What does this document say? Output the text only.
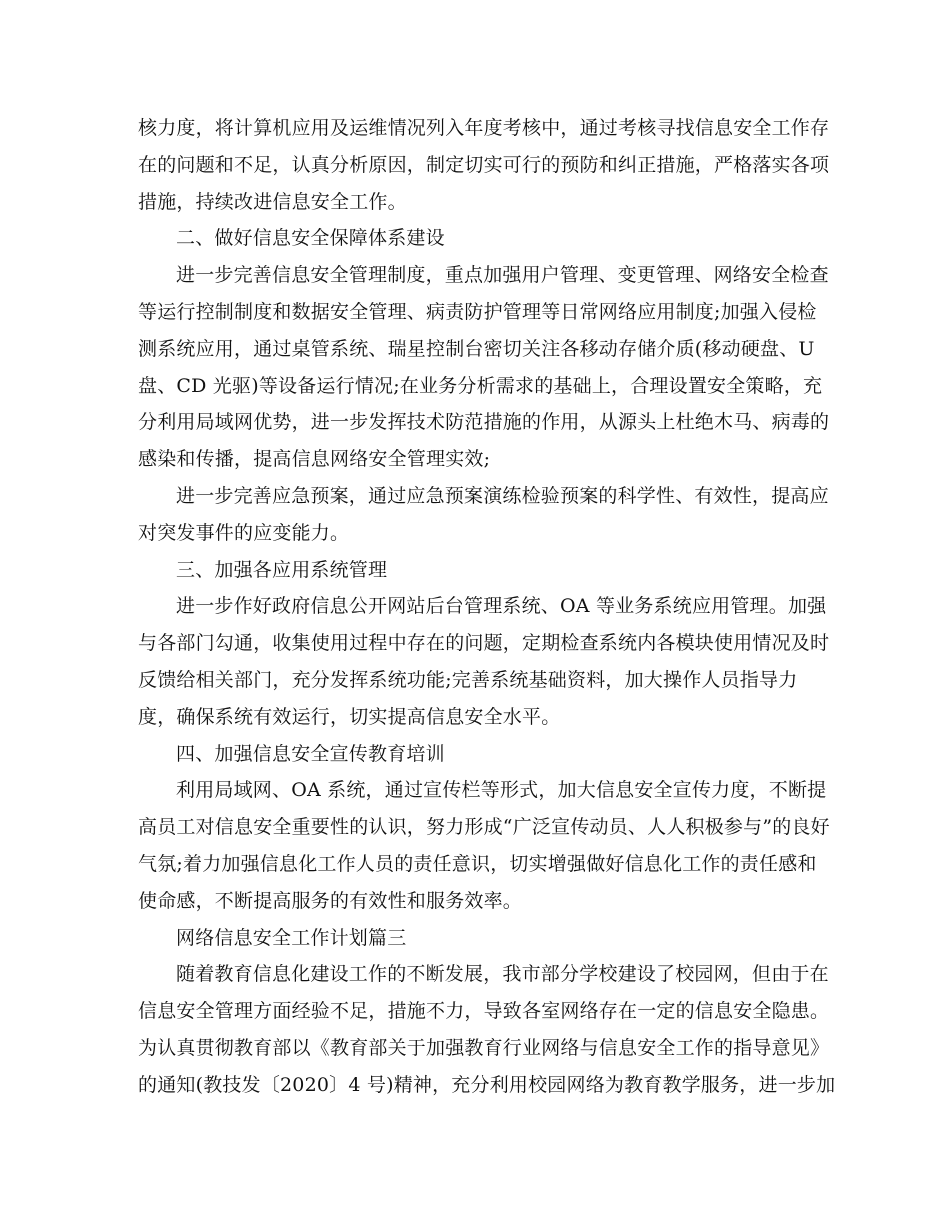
核力度，将计算机应用及运维情况列入年度考核中，通过考核寻找信息安全工作存
在的问题和不足，认真分析原因，制定切实可行的预防和纠正措施，严格落实各项
措施，持续改进信息安全工作。
二、做好信息安全保障体系建设
进一步完善信息安全管理制度，重点加强用户管理、变更管理、网络安全检查
等运行控制制度和数据安全管理、病责防护管理等日常网络应用制度;加强入侵检
测系统应用，通过桌管系统、瑞星控制台密切关注各移动存储介质(移动硬盘、U
盘、CD 光驱)等设备运行情况;在业务分析需求的基础上，合理设置安全策略，充
分利用局域网优势，进一步发挥技术防范措施的作用，从源头上杜绝木马、病毒的
感染和传播，提高信息网络安全管理实效;
进一步完善应急预案，通过应急预案演练检验预案的科学性、有效性，提高应
对突发事件的应变能力。
三、加强各应用系统管理
进一步作好政府信息公开网站后台管理系统、OA 等业务系统应用管理。加强
与各部门勾通，收集使用过程中存在的问题，定期检查系统内各模块使用情况及时
反馈给相关部门，充分发挥系统功能;完善系统基础资料，加大操作人员指导力
度，确保系统有效运行，切实提高信息安全水平。
四、加强信息安全宣传教育培训
利用局域网、OA 系统，通过宣传栏等形式，加大信息安全宣传力度，不断提
高员工对信息安全重要性的认识，努力形成“广泛宣传动员、人人积极参与”的良好
气氛;着力加强信息化工作人员的责任意识，切实增强做好信息化工作的责任感和
使命感，不断提高服务的有效性和服务效率。
网络信息安全工作计划篇三
随着教育信息化建设工作的不断发展，我市部分学校建设了校园网，但由于在
信息安全管理方面经验不足，措施不力，导致各室网络存在一定的信息安全隐患。
为认真贯彻教育部以《教育部关于加强教育行业网络与信息安全工作的指导意见》
的通知(教技发〔2020〕4 号)精神，充分利用校园网络为教育教学服务，进一步加
